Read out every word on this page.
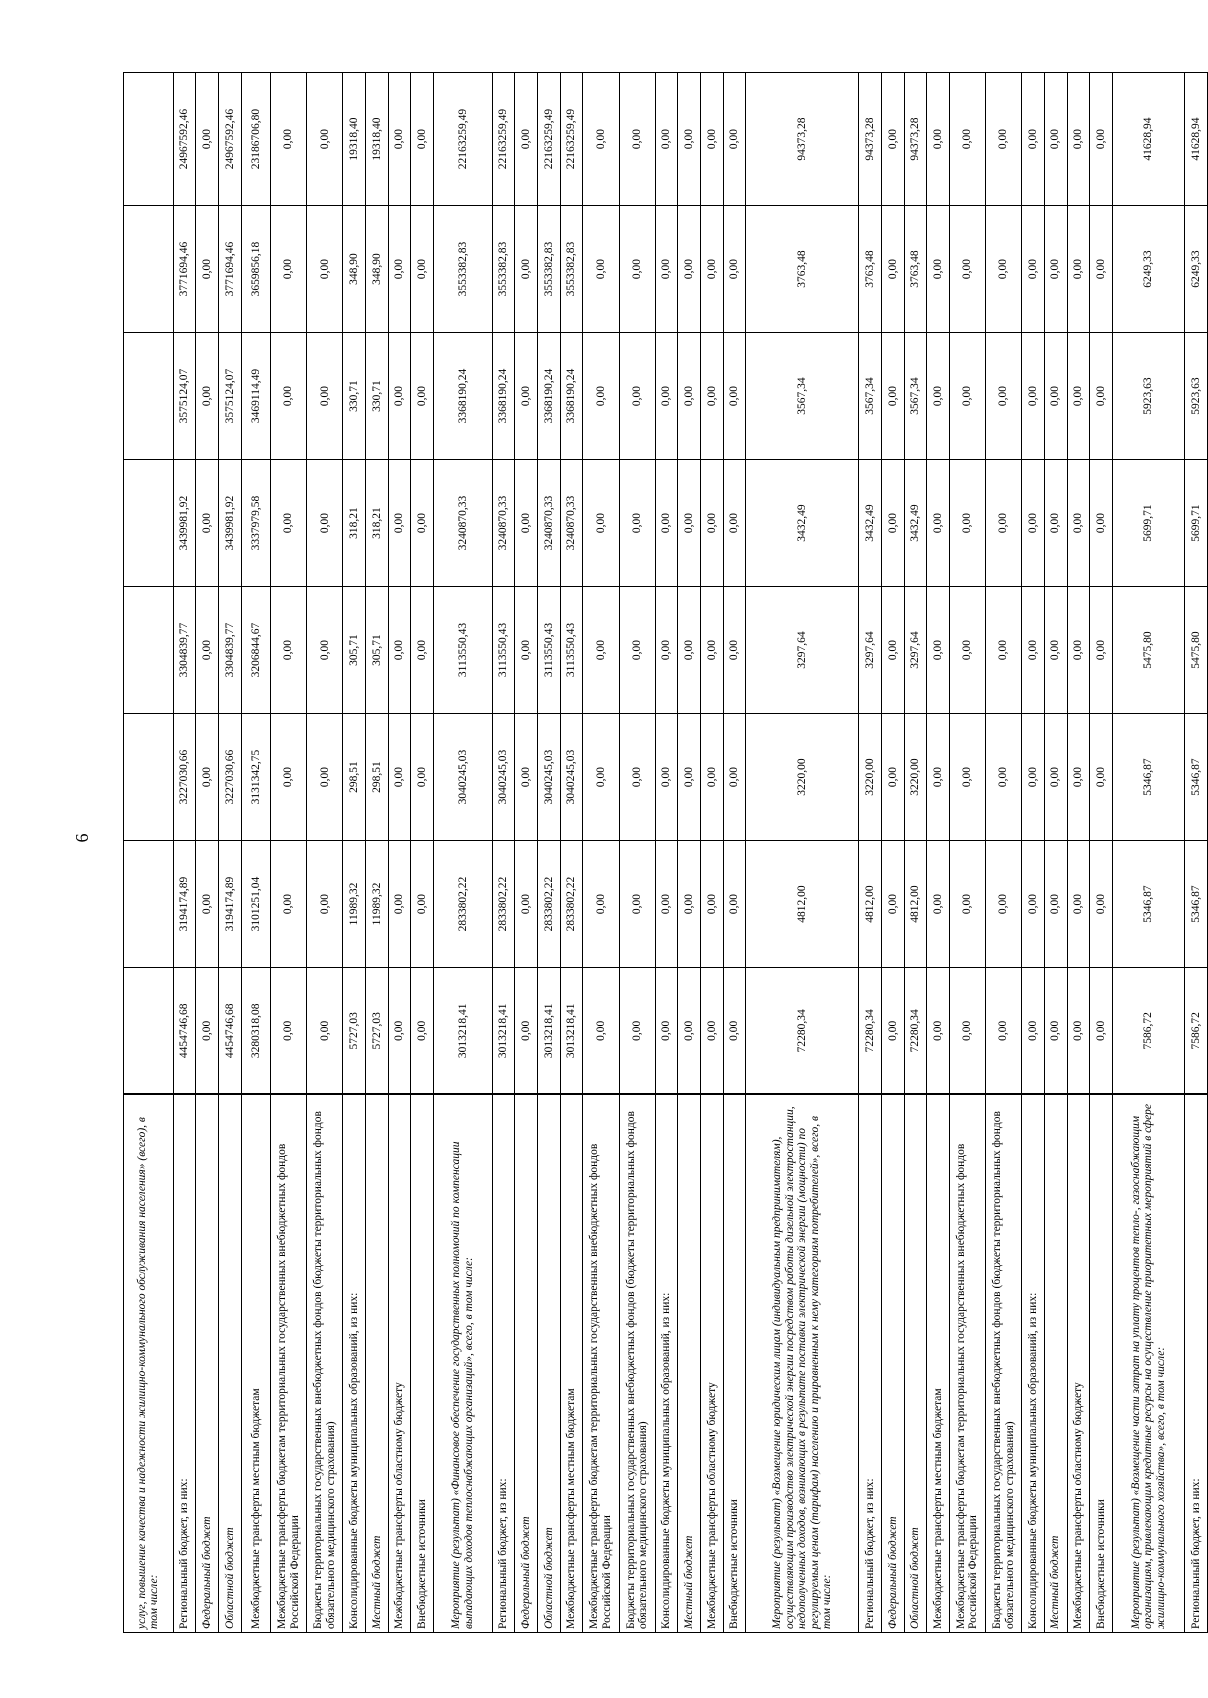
6
услуг, повышение качества и надежности жилищно-коммунального обслуживания населения» (всего), в том числе:								
Региональный бюджет, из них:	4454746,68	3194174,89	3227030,66	3304839,77	3439981,92	3575124,07	3771694,46	24967592,46
Федеральный бюджет	0,00	0,00	0,00	0,00	0,00	0,00	0,00	0,00
Областной бюджет	4454746,68	3194174,89	3227030,66	3304839,77	3439981,92	3575124,07	3771694,46	24967592,46
Межбюджетные трансферты местным бюджетам	3280318,08	3101251,04	3131342,75	3206844,67	3337979,58	3469114,49	3659856,18	23186706,80
Межбюджетные трансферты бюджетам территориальных государственных внебюджетных фондов Российской Федерации	0,00	0,00	0,00	0,00	0,00	0,00	0,00	0,00
Бюджеты территориальных государственных внебюджетных фондов (бюджеты территориальных фондов обязательного медицинского страхования)	0,00	0,00	0,00	0,00	0,00	0,00	0,00	0,00
Консолидированные бюджеты муниципальных образований, из них:	5727,03	11989,32	298,51	305,71	318,21	330,71	348,90	19318,40
Местный бюджет	5727,03	11989,32	298,51	305,71	318,21	330,71	348,90	19318,40
Межбюджетные трансферты областному бюджету	0,00	0,00	0,00	0,00	0,00	0,00	0,00	0,00
Внебюджетные источники	0,00	0,00	0,00	0,00	0,00	0,00	0,00	0,00
Мероприятие (результат) «Финансовое обеспечение государственных полномочий по компенсации выпадающих доходов теплоснабжающих организаций», всего, в том числе:	3013218,41	2833802,22	3040245,03	3113550,43	3240870,33	3368190,24	3553382,83	22163259,49
Региональный бюджет, из них:	3013218,41	2833802,22	3040245,03	3113550,43	3240870,33	3368190,24	3553382,83	22163259,49
Федеральный бюджет	0,00	0,00	0,00	0,00	0,00	0,00	0,00	0,00
Областной бюджет	3013218,41	2833802,22	3040245,03	3113550,43	3240870,33	3368190,24	3553382,83	22163259,49
Межбюджетные трансферты местным бюджетам	3013218,41	2833802,22	3040245,03	3113550,43	3240870,33	3368190,24	3553382,83	22163259,49
Межбюджетные трансферты бюджетам территориальных государственных внебюджетных фондов Российской Федерации	0,00	0,00	0,00	0,00	0,00	0,00	0,00	0,00
Бюджеты территориальных государственных внебюджетных фондов (бюджеты территориальных фондов обязательного медицинского страхования)	0,00	0,00	0,00	0,00	0,00	0,00	0,00	0,00
Консолидированные бюджеты муниципальных образований, из них:	0,00	0,00	0,00	0,00	0,00	0,00	0,00	0,00
Местный бюджет	0,00	0,00	0,00	0,00	0,00	0,00	0,00	0,00
Межбюджетные трансферты областному бюджету	0,00	0,00	0,00	0,00	0,00	0,00	0,00	0,00
Внебюджетные источники	0,00	0,00	0,00	0,00	0,00	0,00	0,00	0,00
Мероприятие (результат) «Возмещение юридическим лицам (индивидуальным предпринимателям), осуществляющим производство электрической энергии посредством работы дизельной электростанции, недополученных доходов, возникающих в результате поставки электрической энергии (мощности) по регулируемым ценам (тарифам) населению и приравненным к нему категориям потребителей», всего, в том числе:	72280,34	4812,00	3220,00	3297,64	3432,49	3567,34	3763,48	94373,28
Региональный бюджет, из них:	72280,34	4812,00	3220,00	3297,64	3432,49	3567,34	3763,48	94373,28
Федеральный бюджет	0,00	0,00	0,00	0,00	0,00	0,00	0,00	0,00
Областной бюджет	72280,34	4812,00	3220,00	3297,64	3432,49	3567,34	3763,48	94373,28
Межбюджетные трансферты местным бюджетам	0,00	0,00	0,00	0,00	0,00	0,00	0,00	0,00
Межбюджетные трансферты бюджетам территориальных государственных внебюджетных фондов Российской Федерации	0,00	0,00	0,00	0,00	0,00	0,00	0,00	0,00
Бюджеты территориальных государственных внебюджетных фондов (бюджеты территориальных фондов обязательного медицинского страхования)	0,00	0,00	0,00	0,00	0,00	0,00	0,00	0,00
Консолидированные бюджеты муниципальных образований, из них:	0,00	0,00	0,00	0,00	0,00	0,00	0,00	0,00
Местный бюджет	0,00	0,00	0,00	0,00	0,00	0,00	0,00	0,00
Межбюджетные трансферты областному бюджету	0,00	0,00	0,00	0,00	0,00	0,00	0,00	0,00
Внебюджетные источники	0,00	0,00	0,00	0,00	0,00	0,00	0,00	0,00
Мероприятие (результат) «Возмещение части затрат на уплату процентов тепло-, газоснабжающим организациям, привлекающим кредитные ресурсы на осуществление приоритетных мероприятий в сфере жилищно-коммунального хозяйства», всего, в том числе:	7586,72	5346,87	5346,87	5475,80	5699,71	5923,63	6249,33	41628,94
Региональный бюджет, из них:	7586,72	5346,87	5346,87	5475,80	5699,71	5923,63	6249,33	41628,94
